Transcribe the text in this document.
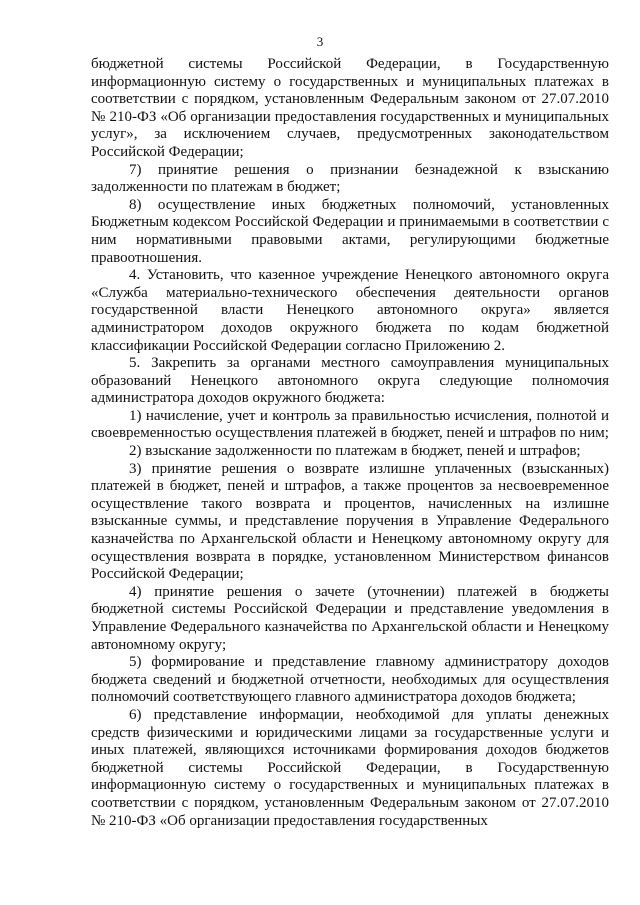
3

бюджетной системы Российской Федерации, в Государственную информационную систему о государственных и муниципальных платежах в соответствии с порядком, установленным Федеральным законом от 27.07.2010 № 210-ФЗ «Об организации предоставления государственных и муниципальных услуг», за исключением случаев, предусмотренных законодательством Российской Федерации;

7) принятие решения о признании безнадежной к взысканию задолженности по платежам в бюджет;

8) осуществление иных бюджетных полномочий, установленных Бюджетным кодексом Российской Федерации и принимаемыми в соответствии с ним нормативными правовыми актами, регулирующими бюджетные правоотношения.

4. Установить, что казенное учреждение Ненецкого автономного округа «Служба материально-технического обеспечения деятельности органов государственной власти Ненецкого автономного округа» является администратором доходов окружного бюджета по кодам бюджетной классификации Российской Федерации согласно Приложению 2.

5. Закрепить за органами местного самоуправления муниципальных образований Ненецкого автономного округа следующие полномочия администратора доходов окружного бюджета:

1) начисление, учет и контроль за правильностью исчисления, полнотой и своевременностью осуществления платежей в бюджет, пеней и штрафов по ним;

2) взыскание задолженности по платежам в бюджет, пеней и штрафов;

3) принятие решения о возврате излишне уплаченных (взысканных) платежей в бюджет, пеней и штрафов, а также процентов за несвоевременное осуществление такого возврата и процентов, начисленных на излишне взысканные суммы, и представление поручения в Управление Федерального казначейства по Архангельской области и Ненецкому автономному округу для осуществления возврата в порядке, установленном Министерством финансов Российской Федерации;

4) принятие решения о зачете (уточнении) платежей в бюджеты бюджетной системы Российской Федерации и представление уведомления в Управление Федерального казначейства по Архангельской области и Ненецкому автономному округу;

5) формирование и представление главному администратору доходов бюджета сведений и бюджетной отчетности, необходимых для осуществления полномочий соответствующего главного администратора доходов бюджета;

6) представление информации, необходимой для уплаты денежных средств физическими и юридическими лицами за государственные услуги и иных платежей, являющихся источниками формирования доходов бюджетов бюджетной системы Российской Федерации, в Государственную информационную систему о государственных и муниципальных платежах в соответствии с порядком, установленным Федеральным законом от 27.07.2010 № 210-ФЗ «Об организации предоставления государственных
